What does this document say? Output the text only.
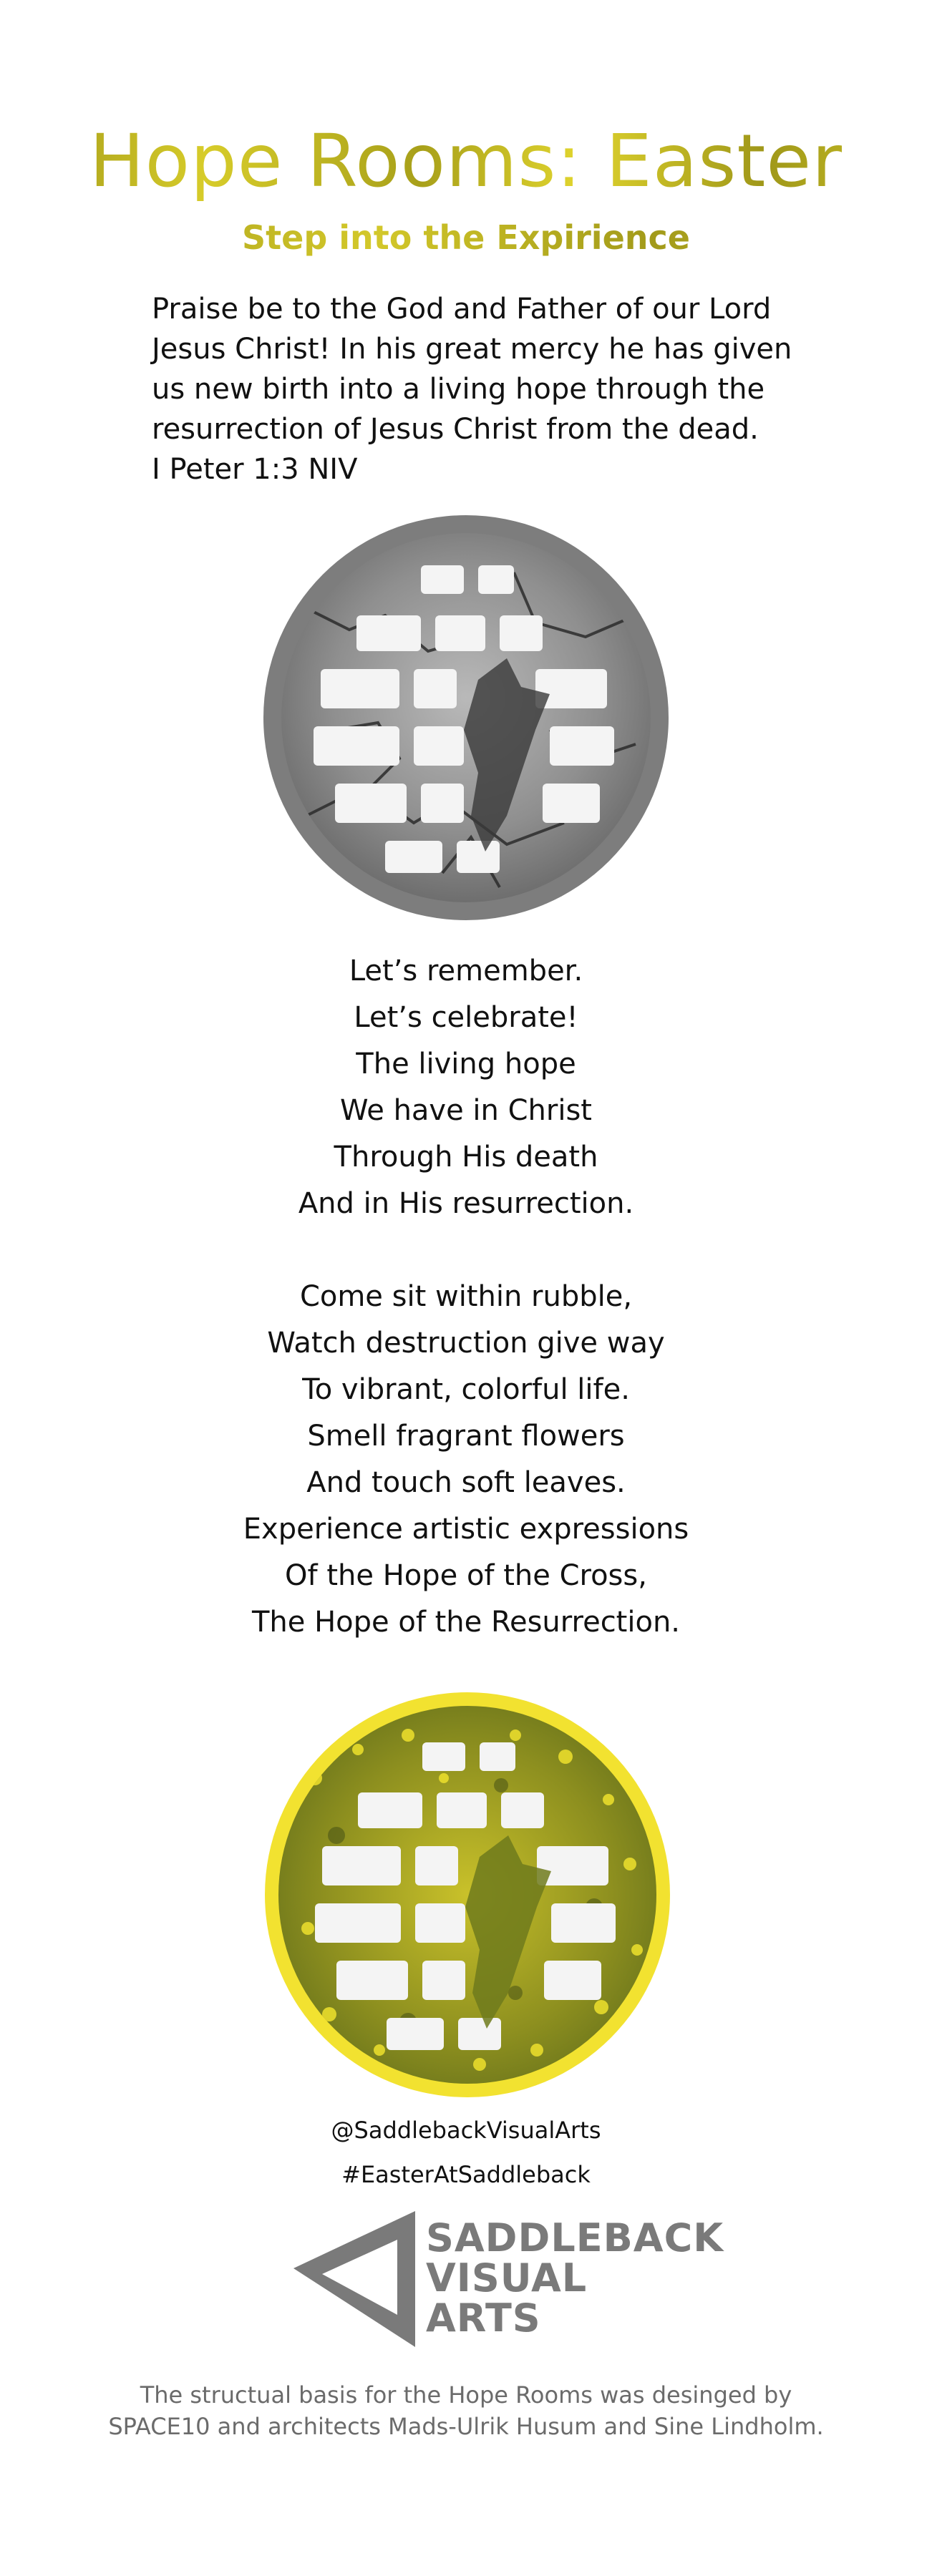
Hope Rooms: Easter
Step into the Expirience

Praise be to the God and Father of our Lord

Jesus Christ! In his great mercy he has given

us new birth into a living hope through the

resurrection of Jesus Christ from the dead.

I Peter 1:3 NIV

Let’s remember.
Let’s celebrate!
The living hope
We have in Christ
Through His death
And in His resurrection.
Come sit within rubble,
Watch destruction give way
To vibrant, colorful life.
Smell fragrant flowers
And touch soft leaves.
Experience artistic expressions
Of the Hope of the Cross,
The Hope of the Resurrection.
@SaddlebackVisualArts
#EasterAtSaddleback
SADDLEBACK
VISUAL
ARTS
The structual basis for the Hope Rooms was desinged by
SPACE10 and architects Mads-Ulrik Husum and Sine Lindholm.
